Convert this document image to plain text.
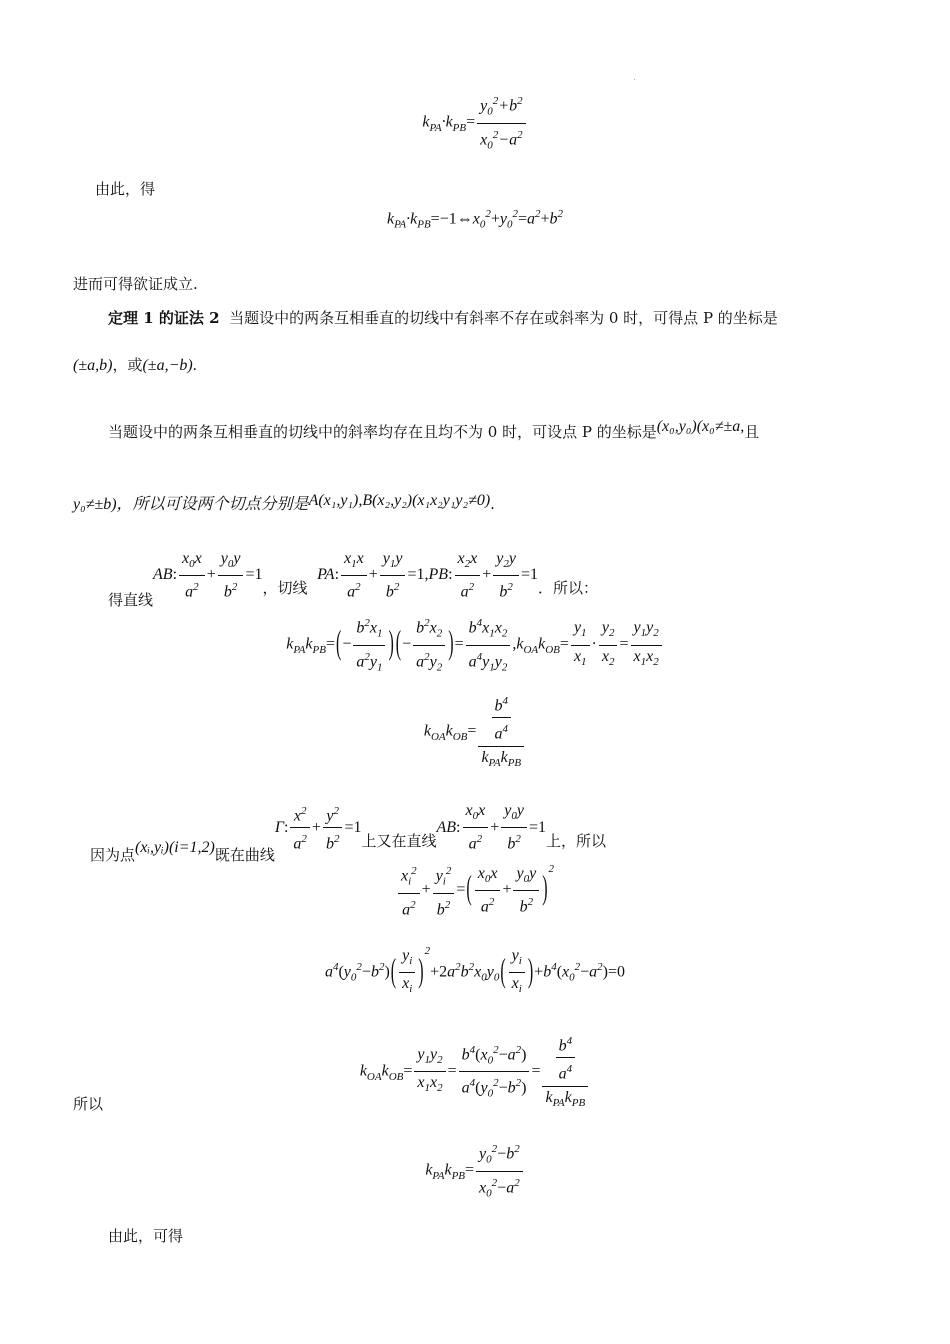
$k_{PA}\cdot k_{PB}= \frac{y_0^2+b^2}{x_0^2-a^2}$
由此，得
$k_{PA}\cdot k_{PB}=-1\Leftrightarrow x_0^2+y_0^2=a^2+b^2$
进而可得欲证成立.
定理 1 的证法 2 当题设中的两条互相垂直的切线中有斜率不存在或斜率为 0 时，可得点 P 的坐标是
(±a,b)，或(±a,−b).
当题设中的两条互相垂直的切线中的斜率均存在且均不为 0 时，可设点 P 的坐标是(x₀,y₀)(x₀≠±a,且
y₀≠±b)，所以可设两个切点分别是A(x₁,y₁),B(x₂,y₂)(x₁x₂y₁y₂≠0).
得直线AB: $\frac{x_0x}{a^2} + \frac{y_0y}{b^2} =1$，切线  PA: $\frac{x_1x}{a^2} + \frac{y_1y}{b^2} =1,PB$: $\frac{x_2x}{a^2} + \frac{y_2y}{b^2} =1$．所以：
$k_{PA}k_{PB}=(- \frac{b^2x_1}{a^2y_1}$ ) (− $\frac{b^2x_2}{a^2y_2}$ )= $\frac{b^4x_1x_2}{a^4y_1y_2} ,k_{OA}k_{OB}= \frac{y_1}{x_1} \cdot \frac{y_2}{x_2} = \frac{y_1y_2}{x_1x_2}$
$k_{OA}k_{OB}= \frac{\frac{b^4}{a^4}}{k_{PA}k_{PB}}$
因为点(xᵢ,yᵢ)(i=1,2)既在曲线Γ: $\frac{x^2}{a^2} + \frac{y^2}{b^2} =1$上又在直线AB: $\frac{x_0x}{a^2} + \frac{y_0y}{b^2} =1$上，所以
$\frac{x_i^2}{a^2} + \frac{y_i^2}{b^2}$ =( $\frac{x_0x}{a^2} + \frac{y_0y}{b^2} )^2$
$a^4(y_0^2-b^2)( \frac{y_i}{x_i} )^2+2a^2b^2x_0y_0( \frac{y_i}{x_i} )+b^4(x_0^2-a^2)=0$
$k_{OA}k_{OB}= \frac{y_1y_2}{x_1x_2} = \frac{b^4(x_0^2-a^2)}{a^4(y_0^2-b^2)} = \frac{\frac{b^4}{a^4}}{k_{PA}k_{PB}}$
所以
$k_{PA}k_{PB}= \frac{y_0^2-b^2}{x_0^2-a^2}$
由此，可得
